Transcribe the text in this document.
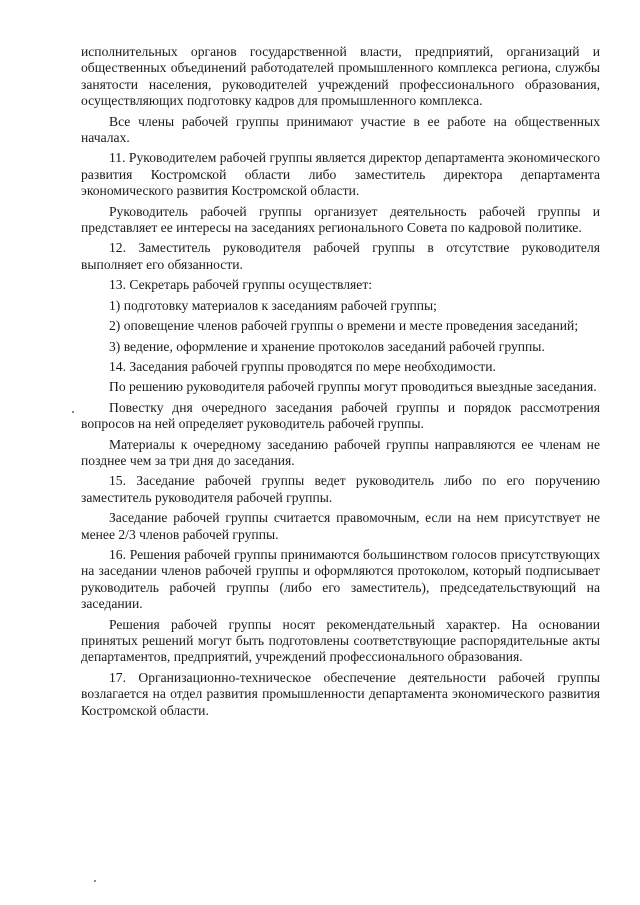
исполнительных органов государственной власти, предприятий, организаций и общественных объединений работодателей промышленного комплекса региона, службы занятости населения, руководителей учреждений профессионального образования, осуществляющих подготовку кадров для промышленного комплекса.

Все члены рабочей группы принимают участие в ее работе на общественных началах.

11. Руководителем рабочей группы является директор департамента экономического развития Костромской области либо заместитель директора департамента экономического развития Костромской области.

Руководитель рабочей группы организует деятельность рабочей группы и представляет ее интересы на заседаниях регионального Совета по кадровой политике.

12. Заместитель руководителя рабочей группы в отсутствие руководителя выполняет его обязанности.

13. Секретарь рабочей группы осуществляет:

1) подготовку материалов к заседаниям рабочей группы;

2) оповещение членов рабочей группы о времени и месте проведения заседаний;

3) ведение, оформление и хранение протоколов заседаний рабочей группы.

14. Заседания рабочей группы проводятся по мере необходимости.

По решению руководителя рабочей группы могут проводиться выездные заседания.

Повестку дня очередного заседания рабочей группы и порядок рассмотрения вопросов на ней определяет руководитель рабочей группы.

Материалы к очередному заседанию рабочей группы направляются ее членам не позднее чем за три дня до заседания.

15. Заседание рабочей группы ведет руководитель либо по его поручению заместитель руководителя рабочей группы.

Заседание рабочей группы считается правомочным, если на нем присутствует не менее 2/3 членов рабочей группы.

16. Решения рабочей группы принимаются большинством голосов присутствующих на заседании членов рабочей группы и оформляются протоколом, который подписывает руководитель рабочей группы (либо его заместитель), председательствующий на заседании.

Решения рабочей группы носят рекомендательный характер. На основании принятых решений могут быть подготовлены соответствующие распорядительные акты департаментов, предприятий, учреждений профессионального образования.

17. Организационно-техническое обеспечение деятельности рабочей группы возлагается на отдел развития промышленности департамента экономического развития Костромской области.
